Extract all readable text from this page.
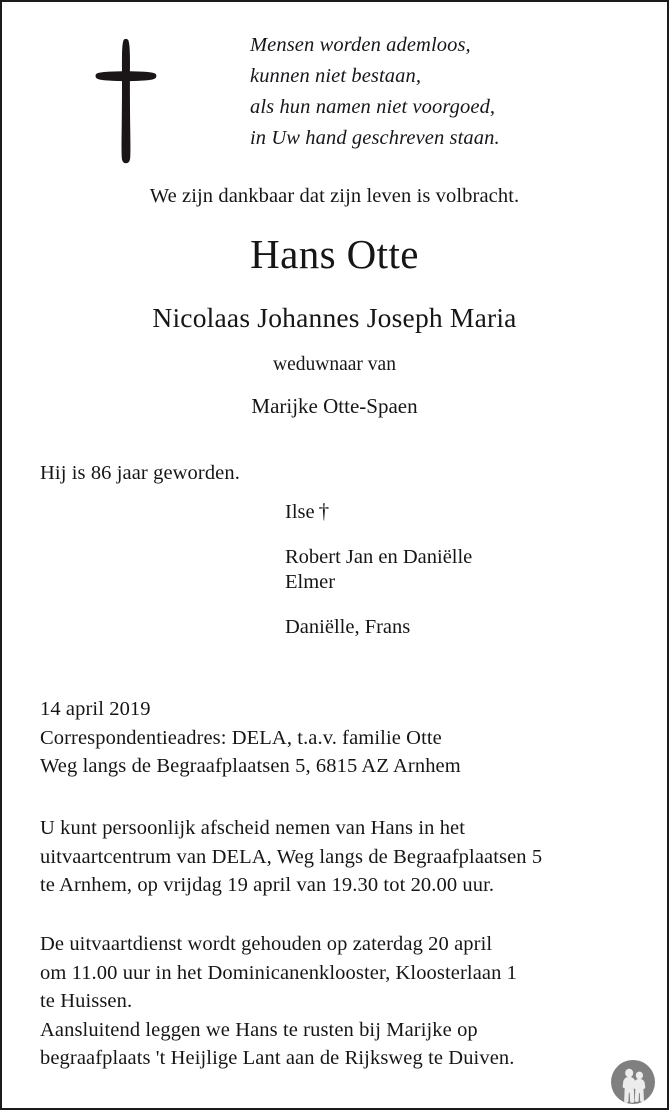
Mensen worden ademloos,
kunnen niet bestaan,
als hun namen niet voorgoed,
in Uw hand geschreven staan.
We zijn dankbaar dat zijn leven is volbracht.
Hans Otte
Nicolaas Johannes Joseph Maria
weduwnaar van
Marijke Otte-Spaen
Hij is 86 jaar geworden.
Ilse †
Robert Jan en Daniëlle
Elmer
Daniëlle, Frans
14 april 2019
Correspondentieadres: DELA, t.a.v. familie Otte
Weg langs de Begraafplaatsen 5, 6815 AZ Arnhem
U kunt persoonlijk afscheid nemen van Hans in het
uitvaartcentrum van DELA, Weg langs de Begraafplaatsen 5
te Arnhem, op vrijdag 19 april van 19.30 tot 20.00 uur.
De uitvaartdienst wordt gehouden op zaterdag 20 april
om 11.00 uur in het Dominicanenklooster, Kloosterlaan 1
te Huissen.
Aansluitend leggen we Hans te rusten bij Marijke op
begraafplaats 't Heijlige Lant aan de Rijksweg te Duiven.
